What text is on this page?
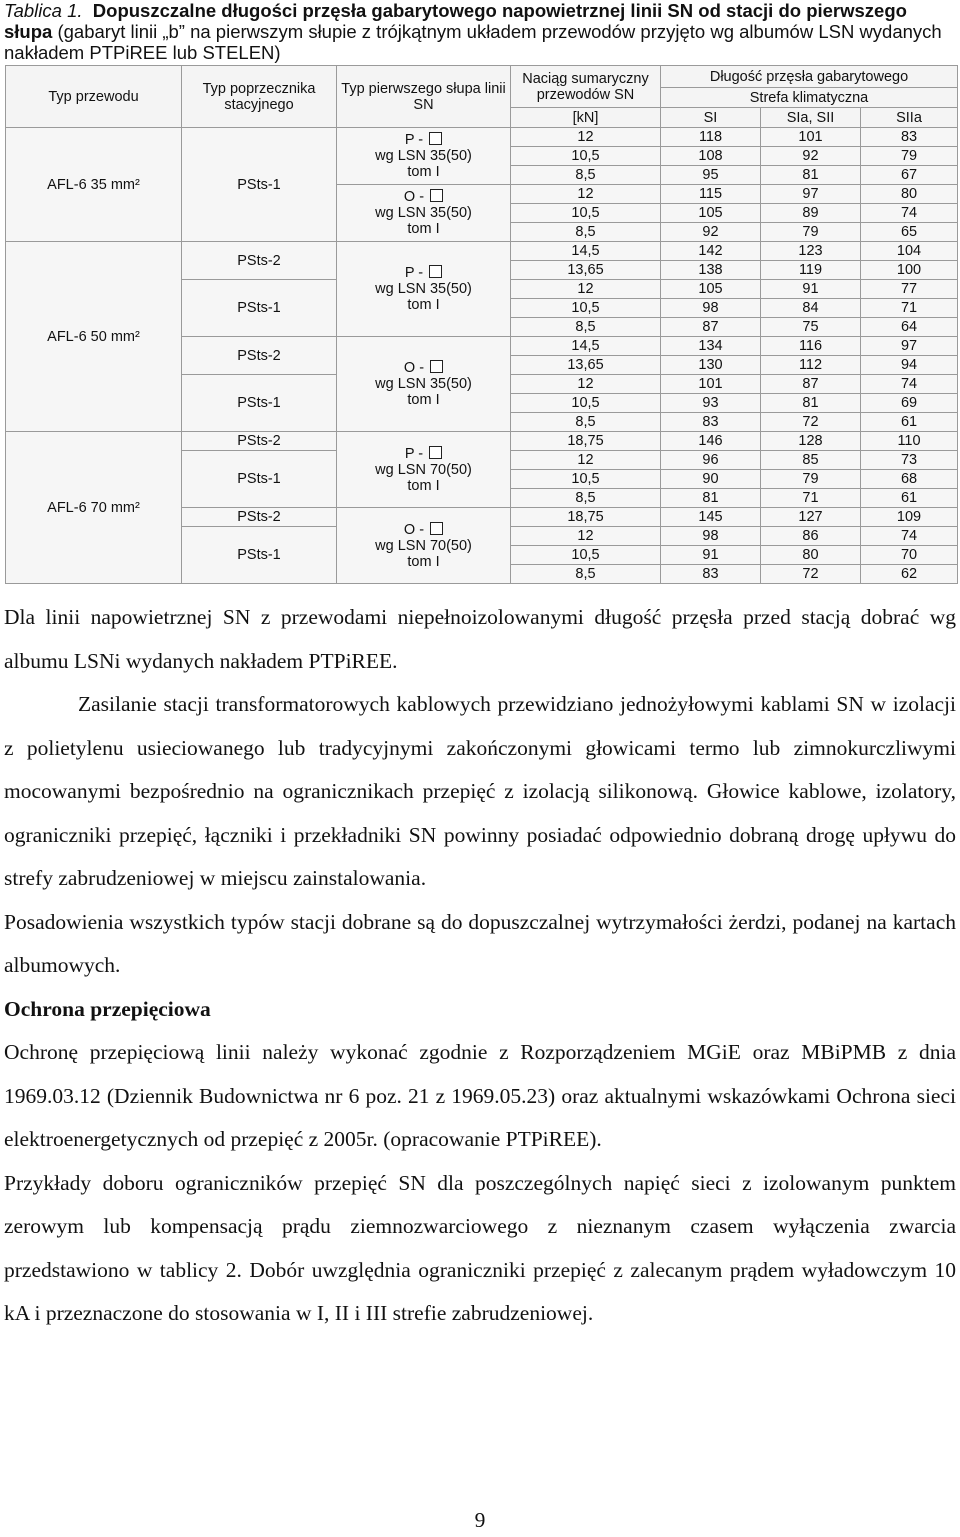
Tablica 1. Dopuszczalne długości przęsła gabarytowego napowietrznej linii SN od stacji do pierwszego słupa (gabaryt linii „b” na pierwszym słupie z trójkątnym układem przewodów przyjęto wg albumów LSN wydanych nakładem PTPiREE lub STELEN)
Typ przewodu	Typ poprzecznika stacyjnego	Typ pierwszego słupa linii SN	Naciąg sumaryczny przewodów SN	Długość przęsła gabarytowego		
				Strefa klimatyczna		
			[kN]	SI	SIa, SII	SIIa
AFL-6 35 mm²	PSts-1	P -
wg LSN 35(50)
tom I	12	118	101	83
			10,5	108	92	79
			8,5	95	81	67

		O -
wg LSN 35(50)
tom I	12	115	97	80
			10,5	105	89	74
			8,5	92	79	65
AFL-6 50 mm²	PSts-2	P -
wg LSN 35(50)
tom I	14,5	142	123	104
			13,65	138	119	100
	PSts-1		12	105	91	77
			10,5	98	84	71
			8,5	87	75	64
	PSts-2	O -
wg LSN 35(50)
tom I	14,5	134	116	97
			13,65	130	112	94
	PSts-1		12	101	87	74
			10,5	93	81	69
			8,5	83	72	61
AFL-6 70 mm²	PSts-2	P -
wg LSN 70(50)
tom I	18,75	146	128	110
	PSts-1		12	96	85	73
			10,5	90	79	68
			8,5	81	71	61
	PSts-2	O -
wg LSN 70(50)
tom I	18,75	145	127	109
	PSts-1		12	98	86	74
			10,5	91	80	70
			8,5	83	72	62

Dla linii napowietrznej SN z przewodami niepełnoizolowanymi długość przęsła przed stacją dobrać wg albumu LSNi wydanych nakładem PTPiREE.

Zasilanie stacji transformatorowych kablowych przewidziano jednożyłowymi kablami SN w izolacji z polietylenu usieciowanego lub tradycyjnymi zakończonymi głowicami termo lub zimnokurczliwymi mocowanymi bezpośrednio na ogranicznikach przepięć z izolacją silikonową. Głowice kablowe, izolatory, ograniczniki przepięć, łączniki i przekładniki SN powinny posiadać odpowiednio dobraną drogę upływu do strefy zabrudzeniowej w miejscu zainstalowania.

Posadowienia wszystkich typów stacji dobrane są do dopuszczalnej wytrzymałości żerdzi, podanej na kartach albumowych.

Ochrona przepięciowa

Ochronę przepięciową linii należy wykonać zgodnie z Rozporządzeniem MGiE oraz MBiPMB z dnia 1969.03.12 (Dziennik Budownictwa nr 6 poz. 21 z 1969.05.23) oraz aktualnymi wskazówkami Ochrona sieci elektroenergetycznych od przepięć z 2005r. (opracowanie PTPiREE).

Przykłady doboru ograniczników przepięć SN dla poszczególnych napięć sieci z izolowanym punktem zerowym lub kompensacją prądu ziemnozwarciowego z nieznanym czasem wyłączenia zwarcia przedstawiono w tablicy 2. Dobór uwzględnia ograniczniki przepięć z zalecanym prądem wyładowczym 10 kA i przeznaczone do stosowania w I, II i III strefie zabrudzeniowej.

9
